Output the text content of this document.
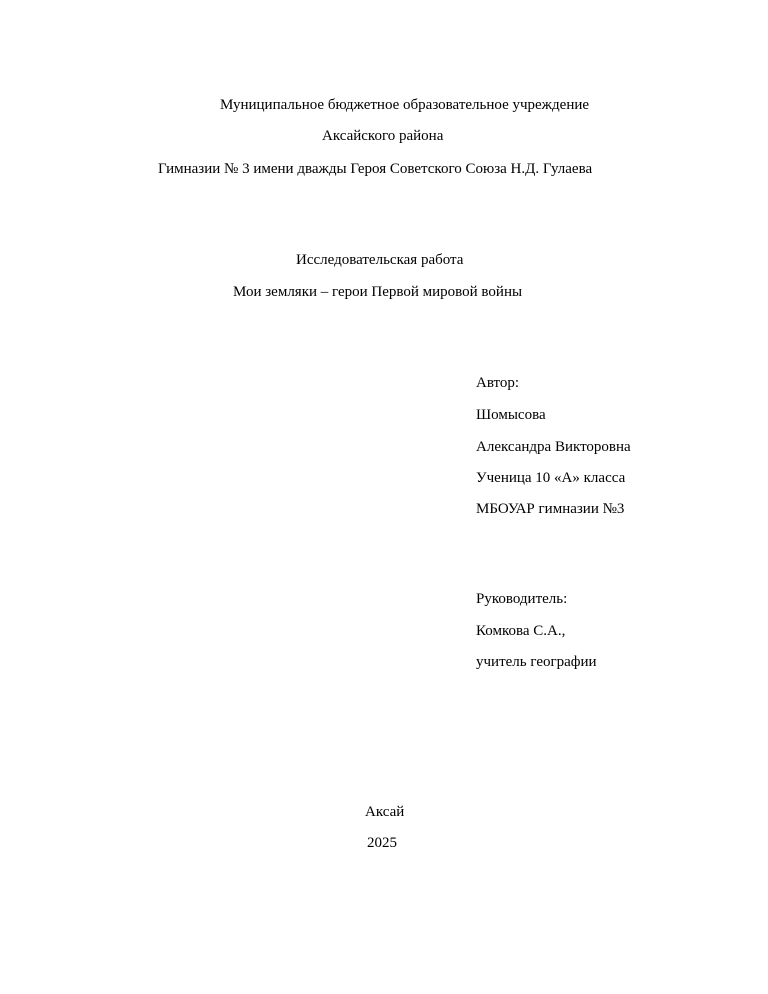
Муниципальное бюджетное образовательное учреждение
Аксайского района
Гимназии № 3 имени дважды Героя Советского Союза Н.Д. Гулаева
Исследовательская работа
Мои земляки – герои Первой мировой войны
Автор:
Шомысова
Александра Викторовна
Ученица 10 «А» класса
МБОУАР гимназии №3
Руководитель:
Комкова С.А.,
учитель географии
Аксай
2025
